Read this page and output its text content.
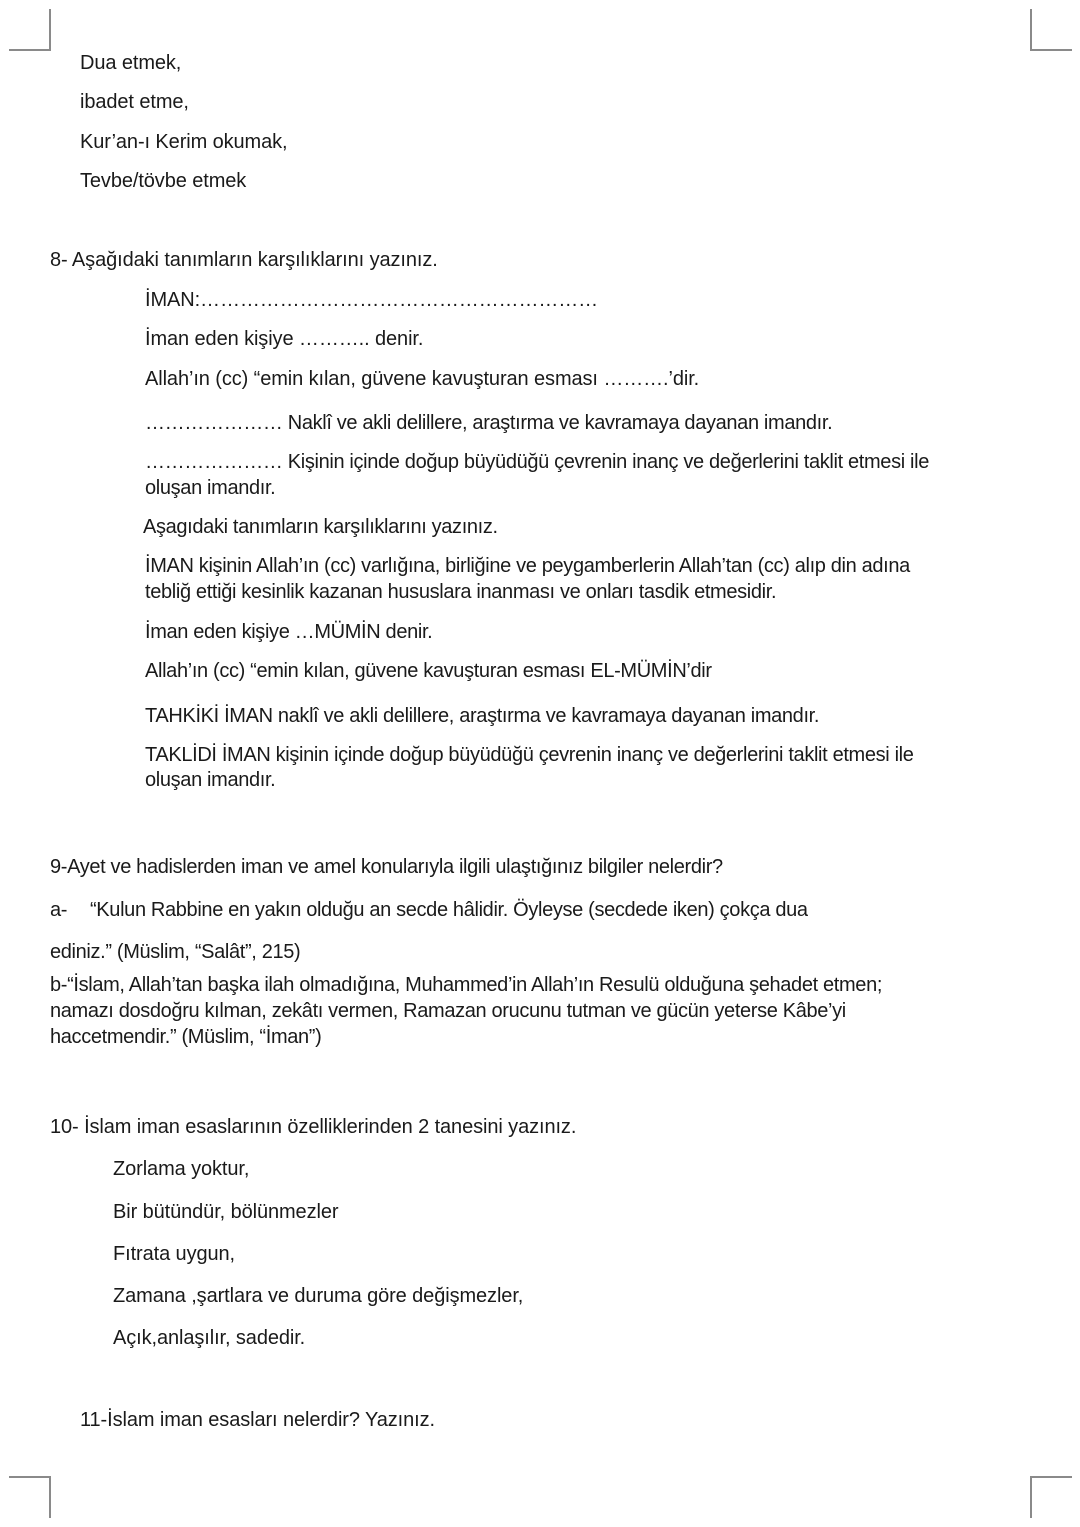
Dua etmek,
ibadet etme,
Kur’an-ı Kerim okumak,
Tevbe/tövbe etmek
8- Aşağıdaki tanımların karşılıklarını yazınız.
İMAN:……………………………………………………
İman eden kişiye ……….. denir.
Allah’ın (cc) “emin kılan, güvene kavuşturan esması ……….’dir.
………………… Naklî ve akli delillere, araştırma ve kavramaya dayanan imandır.
………………… Kişinin içinde doğup büyüdüğü çevrenin inanç ve değerlerini taklit etmesi ile
oluşan imandır.
Aşagıdaki tanımların karşılıklarını yazınız.
İMAN kişinin Allah’ın (cc) varlığına, birliğine ve peygamberlerin Allah’tan (cc) alıp din adına
tebliğ ettiği kesinlik kazanan hususlara inanması ve onları tasdik etmesidir.
İman eden kişiye …MÜMİN denir.
Allah’ın (cc) “emin kılan, güvene kavuşturan esması EL-MÜMİN’dir
TAHKİKİ İMAN naklî ve akli delillere, araştırma ve kavramaya dayanan imandır.
TAKLİDİ İMAN kişinin içinde doğup büyüdüğü çevrenin inanç ve değerlerini taklit etmesi ile
oluşan imandır.
9-Ayet ve hadislerden iman ve amel konularıyla ilgili ulaştığınız bilgiler nelerdir?
a- “Kulun Rabbine en yakın olduğu an secde hâlidir. Öyleyse (secdede iken) çokça dua
ediniz.” (Müslim, “Salât”, 215)
b-“İslam, Allah’tan başka ilah olmadığına, Muhammed’in Allah’ın Resulü olduğuna şehadet etmen;
namazı dosdoğru kılman, zekâtı vermen, Ramazan orucunu tutman ve gücün yeterse Kâbe’yi
haccetmendir.” (Müslim, “İman”)
10- İslam iman esaslarının özelliklerinden 2 tanesini yazınız.
Zorlama yoktur,
Bir bütündür, bölünmezler
Fıtrata uygun,
Zamana ,şartlara ve duruma göre değişmezler,
Açık,anlaşılır, sadedir.
11-İslam iman esasları nelerdir? Yazınız.
